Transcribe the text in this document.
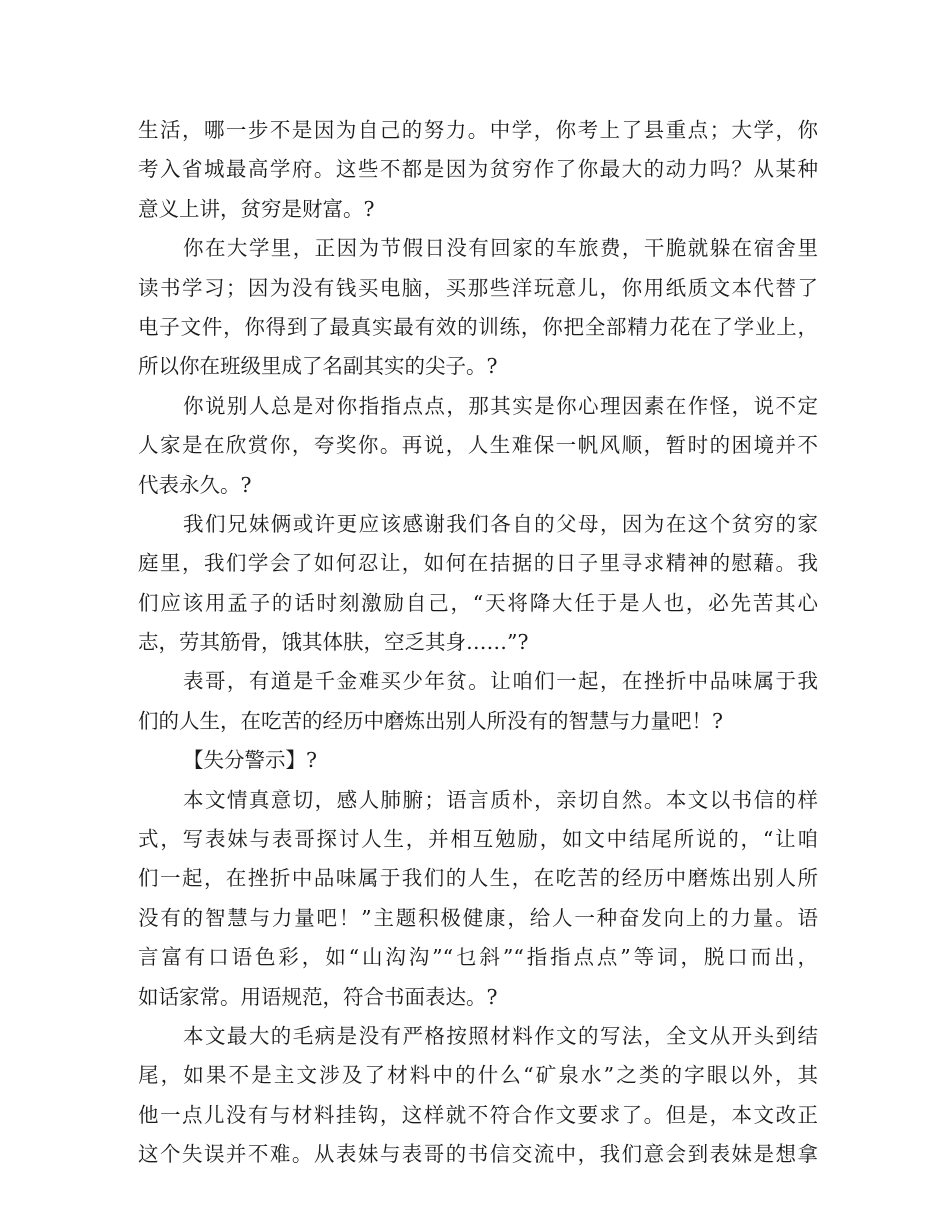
生活，哪一步不是因为自己的努力。中学，你考上了县重点；大学，你
考入省城最高学府。这些不都是因为贫穷作了你最大的动力吗？从某种
意义上讲，贫穷是财富。?
你在大学里，正因为节假日没有回家的车旅费，干脆就躲在宿舍里
读书学习；因为没有钱买电脑，买那些洋玩意儿，你用纸质文本代替了
电子文件，你得到了最真实最有效的训练，你把全部精力花在了学业上，
所以你在班级里成了名副其实的尖子。?
你说别人总是对你指指点点，那其实是你心理因素在作怪，说不定
人家是在欣赏你，夸奖你。再说，人生难保一帆风顺，暂时的困境并不
代表永久。?
我们兄妹俩或许更应该感谢我们各自的父母，因为在这个贫穷的家
庭里，我们学会了如何忍让，如何在拮据的日子里寻求精神的慰藉。我
们应该用孟子的话时刻激励自己，“天将降大任于是人也，必先苦其心
志，劳其筋骨，饿其体肤，空乏其身……”?
表哥，有道是千金难买少年贫。让咱们一起，在挫折中品味属于我
们的人生，在吃苦的经历中磨炼出别人所没有的智慧与力量吧！?
【失分警示】?
本文情真意切，感人肺腑；语言质朴，亲切自然。本文以书信的样
式，写表妹与表哥探讨人生，并相互勉励，如文中结尾所说的，“让咱
们一起，在挫折中品味属于我们的人生，在吃苦的经历中磨炼出别人所
没有的智慧与力量吧！”主题积极健康，给人一种奋发向上的力量。语
言富有口语色彩，如“山沟沟”“乜斜”“指指点点”等词，脱口而出，
如话家常。用语规范，符合书面表达。?
本文最大的毛病是没有严格按照材料作文的写法，全文从开头到结
尾，如果不是主文涉及了材料中的什么“矿泉水”之类的字眼以外，其
他一点儿没有与材料挂钩，这样就不符合作文要求了。但是，本文改正
这个失误并不难。从表妹与表哥的书信交流中，我们意会到表妹是想拿
